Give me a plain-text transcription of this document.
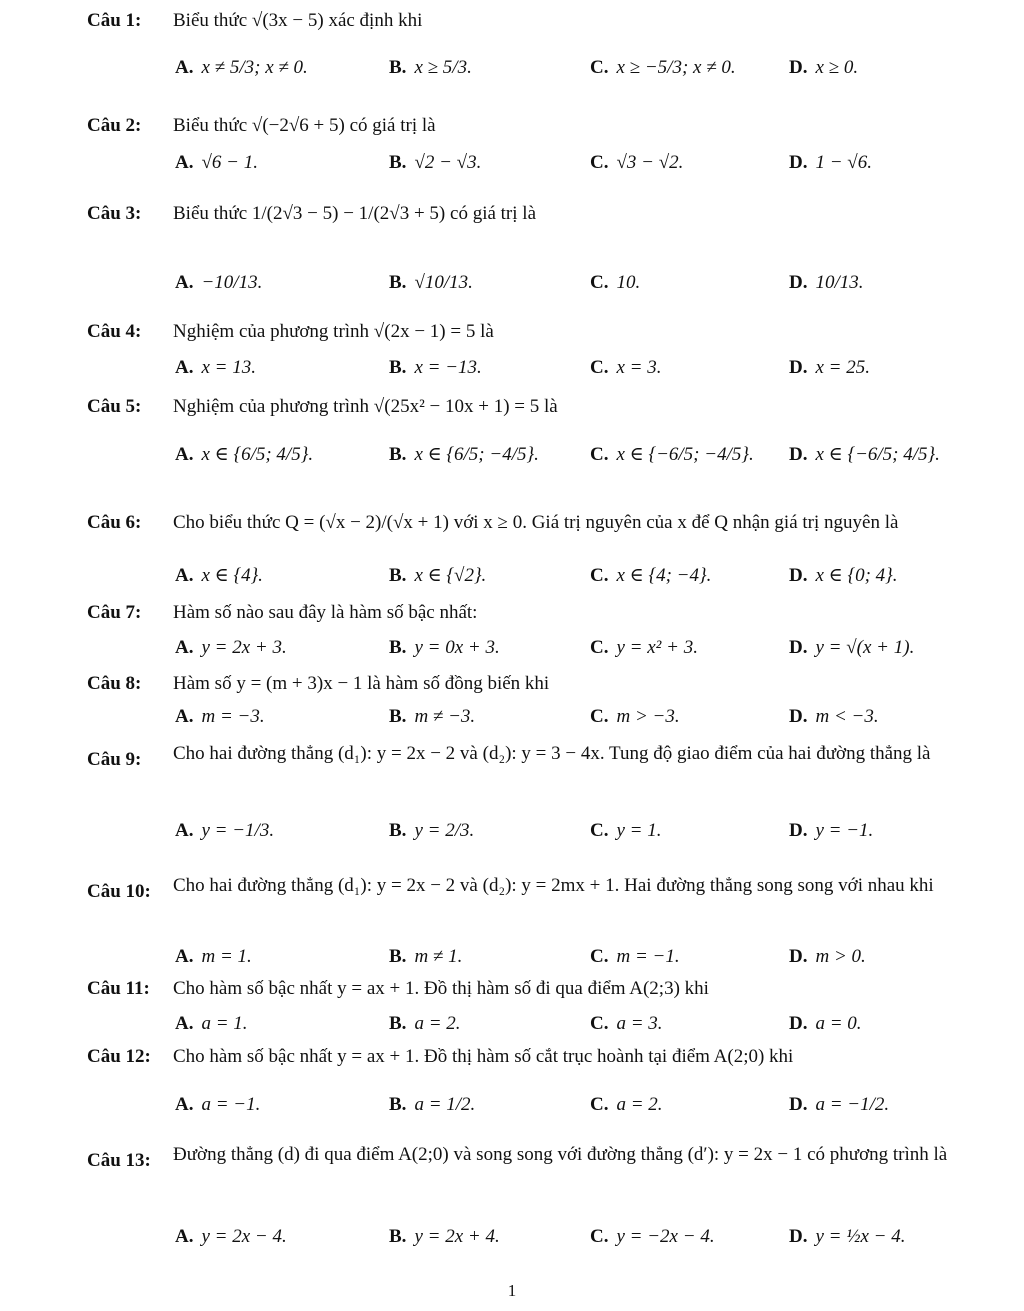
Câu 1: Biểu thức √(3x − 5) xác định khi
A. x ≠ 5/3; x ≠ 0.	B. x ≥ 5/3.	C. x ≥ −5/3; x ≠ 0.	D. x ≥ 0.
Câu 2: Biểu thức √(−2√6 + 5) có giá trị là
A. √6 − 1.	B. √2 − √3.	C. √3 − √2.	D. 1 − √6.
Câu 3: Biểu thức 1/(2√3 − 5) − 1/(2√3 + 5) có giá trị là
A. −10/13.	B. √10/13.	C. 10.	D. 10/13.
Câu 4: Nghiệm của phương trình √(2x − 1) = 5 là
A. x = 13.	B. x = −13.	C. x = 3.	D. x = 25.
Câu 5: Nghiệm của phương trình √(25x² − 10x + 1) = 5 là
A. x ∈ {6/5; 4/5}.	B. x ∈ {6/5; −4/5}.	C. x ∈ {−6/5; −4/5}. D. x ∈ {−6/5; 4/5}.
Câu 6: Cho biểu thức Q = (√x − 2)/(√x + 1) với x ≥ 0. Giá trị nguyên của x để Q nhận giá trị nguyên là
A. x ∈ {4}.	B. x ∈ {√2}.	C. x ∈ {4; −4}.	D. x ∈ {0; 4}.
Câu 7: Hàm số nào sau đây là hàm số bậc nhất:
A. y = 2x + 3.	B. y = 0x + 3.	C. y = x² + 3.	D. y = √(x + 1).
Câu 8: Hàm số y = (m + 3)x − 1 là hàm số đồng biến khi
A. m = −3.	B. m ≠ −3.	C. m > −3.	D. m < −3.
Câu 9: Cho hai đường thẳng (d₁): y = 2x − 2 và (d₂): y = 3 − 4x. Tung độ giao điểm của hai đường thẳng là
A. y = −1/3.	B. y = 2/3.	C. y = 1.	D. y = −1.
Câu 10: Cho hai đường thẳng (d₁): y = 2x − 2 và (d₂): y = 2mx + 1. Hai đường thẳng song song với nhau khi
A. m = 1.	B. m ≠ 1.	C. m = −1.	D. m > 0.
Câu 11: Cho hàm số bậc nhất y = ax + 1. Đồ thị hàm số đi qua điểm A(2;3) khi
A. a = 1.	B. a = 2.	C. a = 3.	D. a = 0.
Câu 12: Cho hàm số bậc nhất y = ax + 1. Đồ thị hàm số cắt trục hoành tại điểm A(2;0) khi
A. a = −1.	B. a = 1/2.	C. a = 2.	D. a = −1/2.
Câu 13: Đường thẳng (d) đi qua điểm A(2;0) và song song với đường thẳng (d′): y = 2x − 1 có phương trình là
A. y = 2x − 4.	B. y = 2x + 4.	C. y = −2x − 4.	D. y = ½x − 4.
1
